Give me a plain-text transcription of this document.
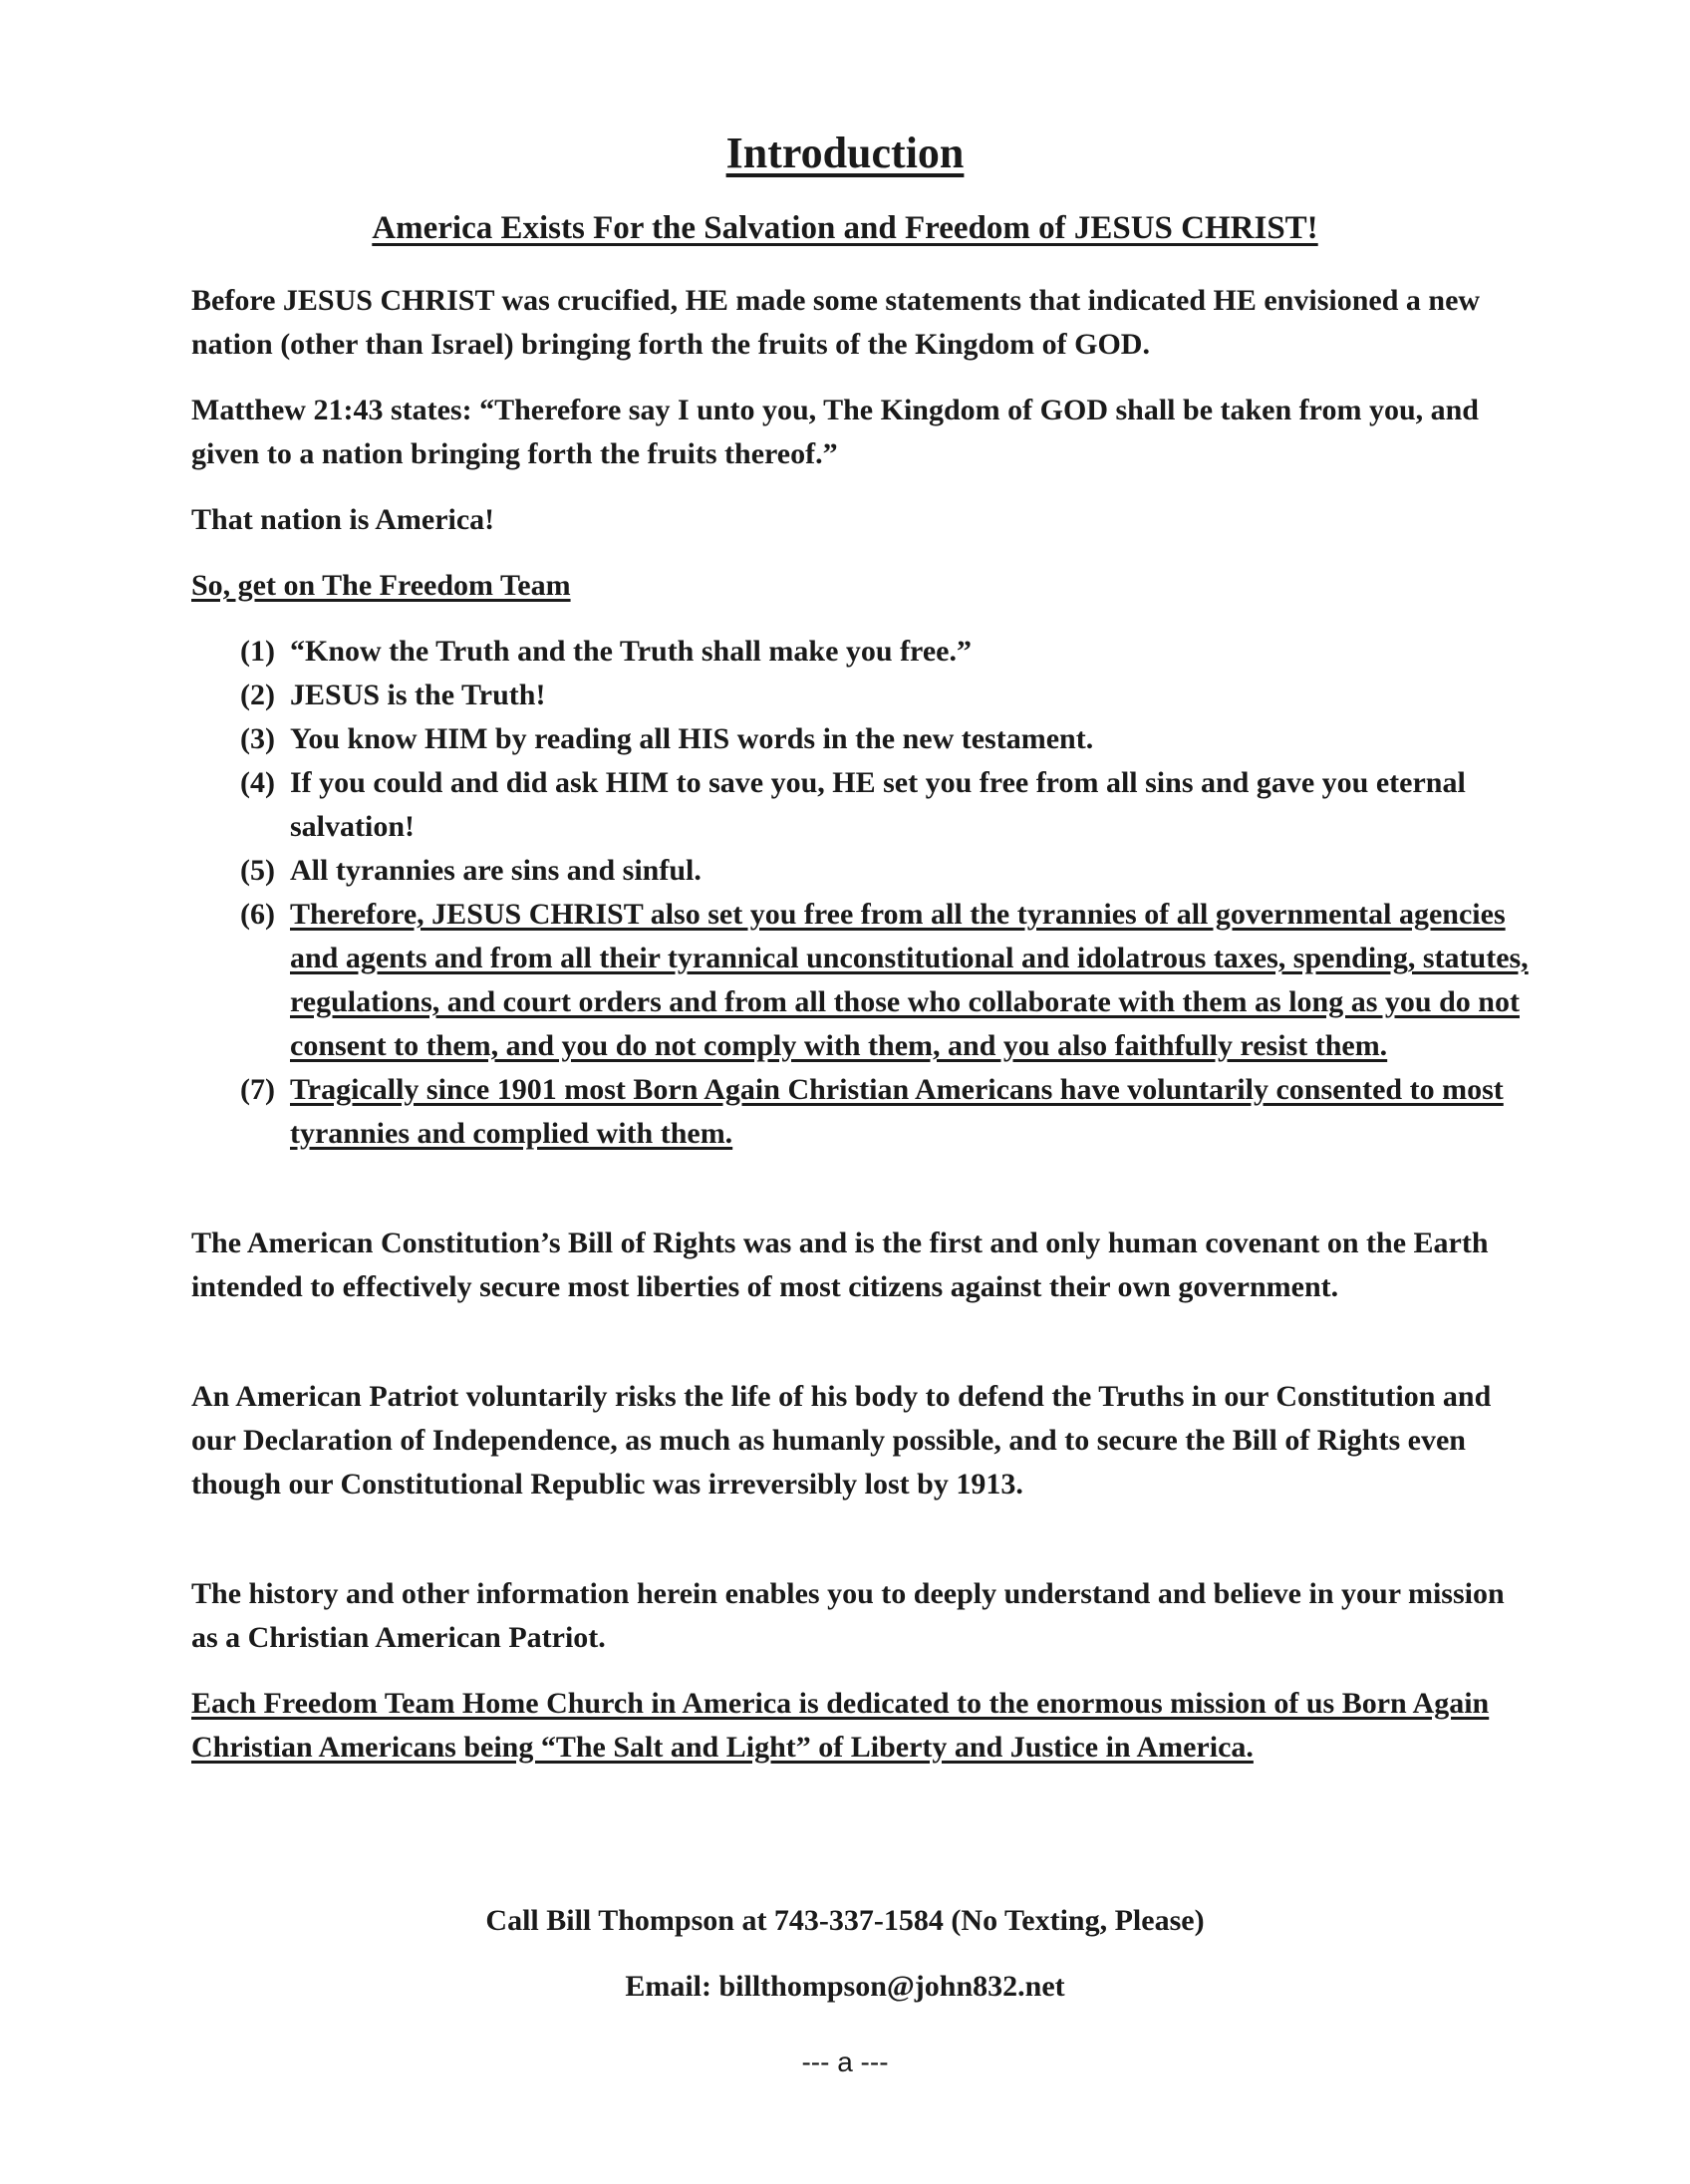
Introduction
America Exists For the Salvation and Freedom of JESUS CHRIST!

Before JESUS CHRIST was crucified, HE made some statements that indicated HE envisioned a new nation (other than Israel) bringing forth the fruits of the Kingdom of GOD.

Matthew 21:43 states: “Therefore say I unto you, The Kingdom of GOD shall be taken from you, and given to a nation bringing forth the fruits thereof.”

That nation is America!

So, get on The Freedom Team

(1) “Know the Truth and the Truth shall make you free.”
(2) JESUS is the Truth!
(3) You know HIM by reading all HIS words in the new testament.
(4) If you could and did ask HIM to save you, HE set you free from all sins and gave you eternal salvation!
(5) All tyrannies are sins and sinful.
(6) Therefore, JESUS CHRIST also set you free from all the tyrannies of all governmental agencies and agents and from all their tyrannical unconstitutional and idolatrous taxes, spending, statutes, regulations, and court orders and from all those who collaborate with them as long as you do not consent to them, and you do not comply with them, and you also faithfully resist them.
(7) Tragically since 1901 most Born Again Christian Americans have voluntarily consented to most tyrannies and complied with them.

The American Constitution’s Bill of Rights was and is the first and only human covenant on the Earth intended to effectively secure most liberties of most citizens against their own government.

An American Patriot voluntarily risks the life of his body to defend the Truths in our Constitution and our Declaration of Independence, as much as humanly possible, and to secure the Bill of Rights even though our Constitutional Republic was irreversibly lost by 1913.

The history and other information herein enables you to deeply understand and believe in your mission as a Christian American Patriot.

Each Freedom Team Home Church in America is dedicated to the enormous mission of us Born Again Christian Americans being “The Salt and Light” of Liberty and Justice in America.

Call Bill Thompson at 743-337-1584 (No Texting, Please)
Email: billthompson@john832.net
--- a ---
